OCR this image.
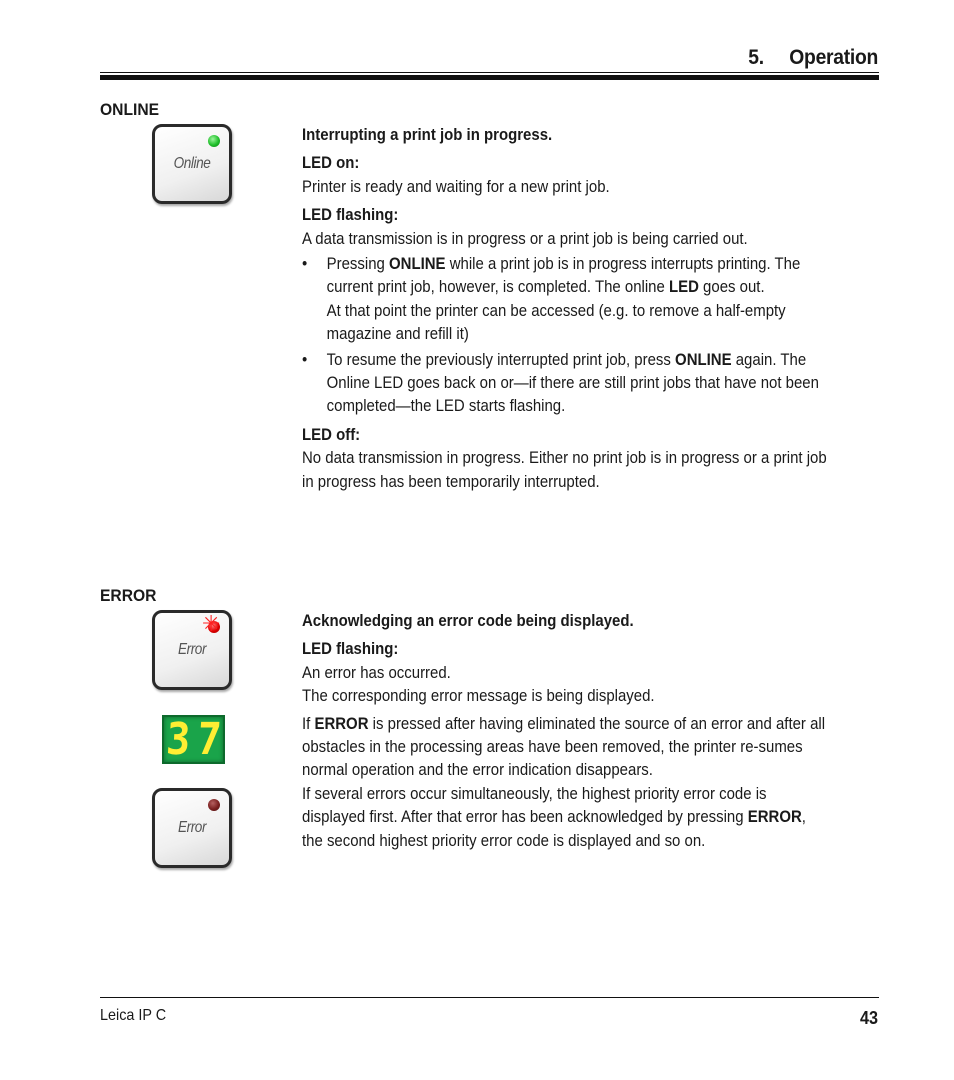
5.     Operation
ONLINE
Online

Interrupting a print job in progress.

LED on:

Printer is ready and waiting for a new print job.

LED flashing:

A data transmission is in progress or a print job is being carried out.

• Pressing ONLINE while a print job is in progress interrupts printing. The current print job, however, is completed. The online LED goes out.
At that point the printer can be accessed (e.g. to remove a half-empty magazine and refill it)

• To resume the previously interrupted print job, press ONLINE again. The Online LED goes back on or—if there are still print jobs that have not been completed—the LED starts flashing.

LED off:

No data transmission in progress. Either no print job is in progress or a print job in progress has been temporarily interrupted.

ERROR
✳
Error
3 7
Error

Acknowledging an error code being displayed.

LED flashing:

An error has occurred.

The corresponding error message is being displayed.

If ERROR is pressed after having eliminated the source of an error and after all obstacles in the processing areas have been removed, the printer re-sumes normal operation and the error indication disappears.

If several errors occur simultaneously, the highest priority error code is displayed first. After that error has been acknowledged by pressing ERROR, the second highest priority error code is displayed and so on.

Leica IP C	43
